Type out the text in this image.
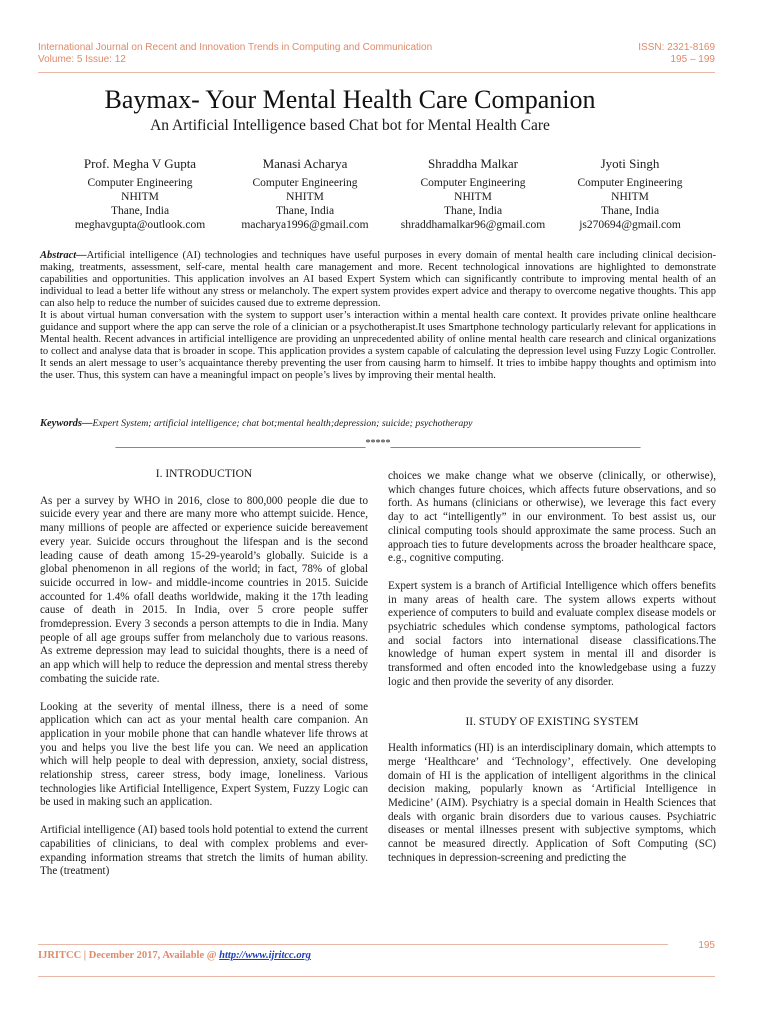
International Journal on Recent and Innovation Trends in Computing and Communication
Volume: 5 Issue: 12
ISSN: 2321-8169
195 – 199
Baymax- Your Mental Health Care Companion
An Artificial Intelligence based Chat bot for Mental Health Care
Prof. Megha V Gupta
Computer Engineering
NHITM
Thane, India
meghavgupta@outlook.com
Manasi Acharya
Computer Engineering
NHITM
Thane, India
macharya1996@gmail.com
Shraddha Malkar
Computer Engineering
NHITM
Thane, India
shraddhamalkar96@gmail.com
Jyoti Singh
Computer Engineering
NHITM
Thane, India
js270694@gmail.com

Abstract—Artificial intelligence (AI) technologies and techniques have useful purposes in every domain of mental health care including clinical decision-making, treatments, assessment, self-care, mental health care management and more. Recent technological innovations are highlighted to demonstrate capabilities and opportunities. This application involves an AI based Expert System which can significantly contribute to improving mental health of an individual to lead a better life without any stress or melancholy. The expert system provides expert advice and therapy to overcome negative thoughts. This app can also help to reduce the number of suicides caused due to extreme depression.

It is about virtual human conversation with the system to support user’s interaction within a mental health care context. It provides private online healthcare guidance and support where the app can serve the role of a clinician or a psychotherapist.It uses Smartphone technology particularly relevant for applications in Mental health. Recent advances in artificial intelligence are providing an unprecedented ability of online mental health care research and clinical organizations to collect and analyse data that is broader in scope. This application provides a system capable of calculating the depression level using Fuzzy Logic Controller. It sends an alert message to user’s acquaintance thereby preventing the user from causing harm to himself. It tries to imbibe happy thoughts and optimism into the user. Thus, this system can have a meaningful impact on people’s lives by improving their mental health.

Keywords—Expert System; artificial intelligence; chat bot;mental health;depression; suicide; psychotherapy
__________________________________________________*****__________________________________________________
I. INTRODUCTION

As per a survey by WHO in 2016, close to 800,000 people die due to suicide every year and there are many more who attempt suicide. Hence, many millions of people are affected or experience suicide bereavement every year. Suicide occurs throughout the lifespan and is the second leading cause of death among 15-29-yearold’s globally. Suicide is a global phenomenon in all regions of the world; in fact, 78% of global suicide occurred in low- and middle-income countries in 2015. Suicide accounted for 1.4% ofall deaths worldwide, making it the 17th leading cause of death in 2015. In India, over 5 crore people suffer fromdepression. Every 3 seconds a person attempts to die in India. Many people of all age groups suffer from melancholy due to various reasons. As extreme depression may lead to suicidal thoughts, there is a need of an app which will help to reduce the depression and mental stress thereby combating the suicide rate.

Looking at the severity of mental illness, there is a need of some application which can act as your mental health care companion. An application in your mobile phone that can handle whatever life throws at you and helps you live the best life you can. We need an application which will help people to deal with depression, anxiety, social distress, relationship stress, career stress, body image, loneliness. Various technologies like Artificial Intelligence, Expert System, Fuzzy Logic can be used in making such an application.

Artificial intelligence (AI) based tools hold potential to extend the current capabilities of clinicians, to deal with complex problems and ever-expanding information streams that stretch the limits of human ability. The (treatment)

choices we make change what we observe (clinically, or otherwise), which changes future choices, which affects future observations, and so forth. As humans (clinicians or otherwise), we leverage this fact every day to act “intelligently” in our environment. To best assist us, our clinical computing tools should approximate the same process. Such an approach ties to future developments across the broader healthcare space, e.g., cognitive computing.

Expert system is a branch of Artificial Intelligence which offers benefits in many areas of health care. The system allows experts without experience of computers to build and evaluate complex disease models or psychiatric schedules which condense symptoms, pathological factors and social factors into international disease classifications.The knowledge of human expert system in mental ill and disorder is transformed and often encoded into the knowledgebase using a fuzzy logic and then provide the severity of any disorder.

II. STUDY OF EXISTING SYSTEM

Health informatics (HI) is an interdisciplinary domain, which attempts to merge ‘Healthcare’ and ‘Technology’, effectively. One developing domain of HI is the application of intelligent algorithms in the clinical decision making, popularly known as ‘Artificial Intelligence in Medicine’ (AIM). Psychiatry is a special domain in Health Sciences that deals with organic brain disorders due to various causes. Psychiatric diseases or mental illnesses present with subjective symptoms, which cannot be measured directly. Application of Soft Computing (SC) techniques in depression-screening and predicting the

195
IJRITCC | December 2017, Available @ http://www.ijritcc.org
